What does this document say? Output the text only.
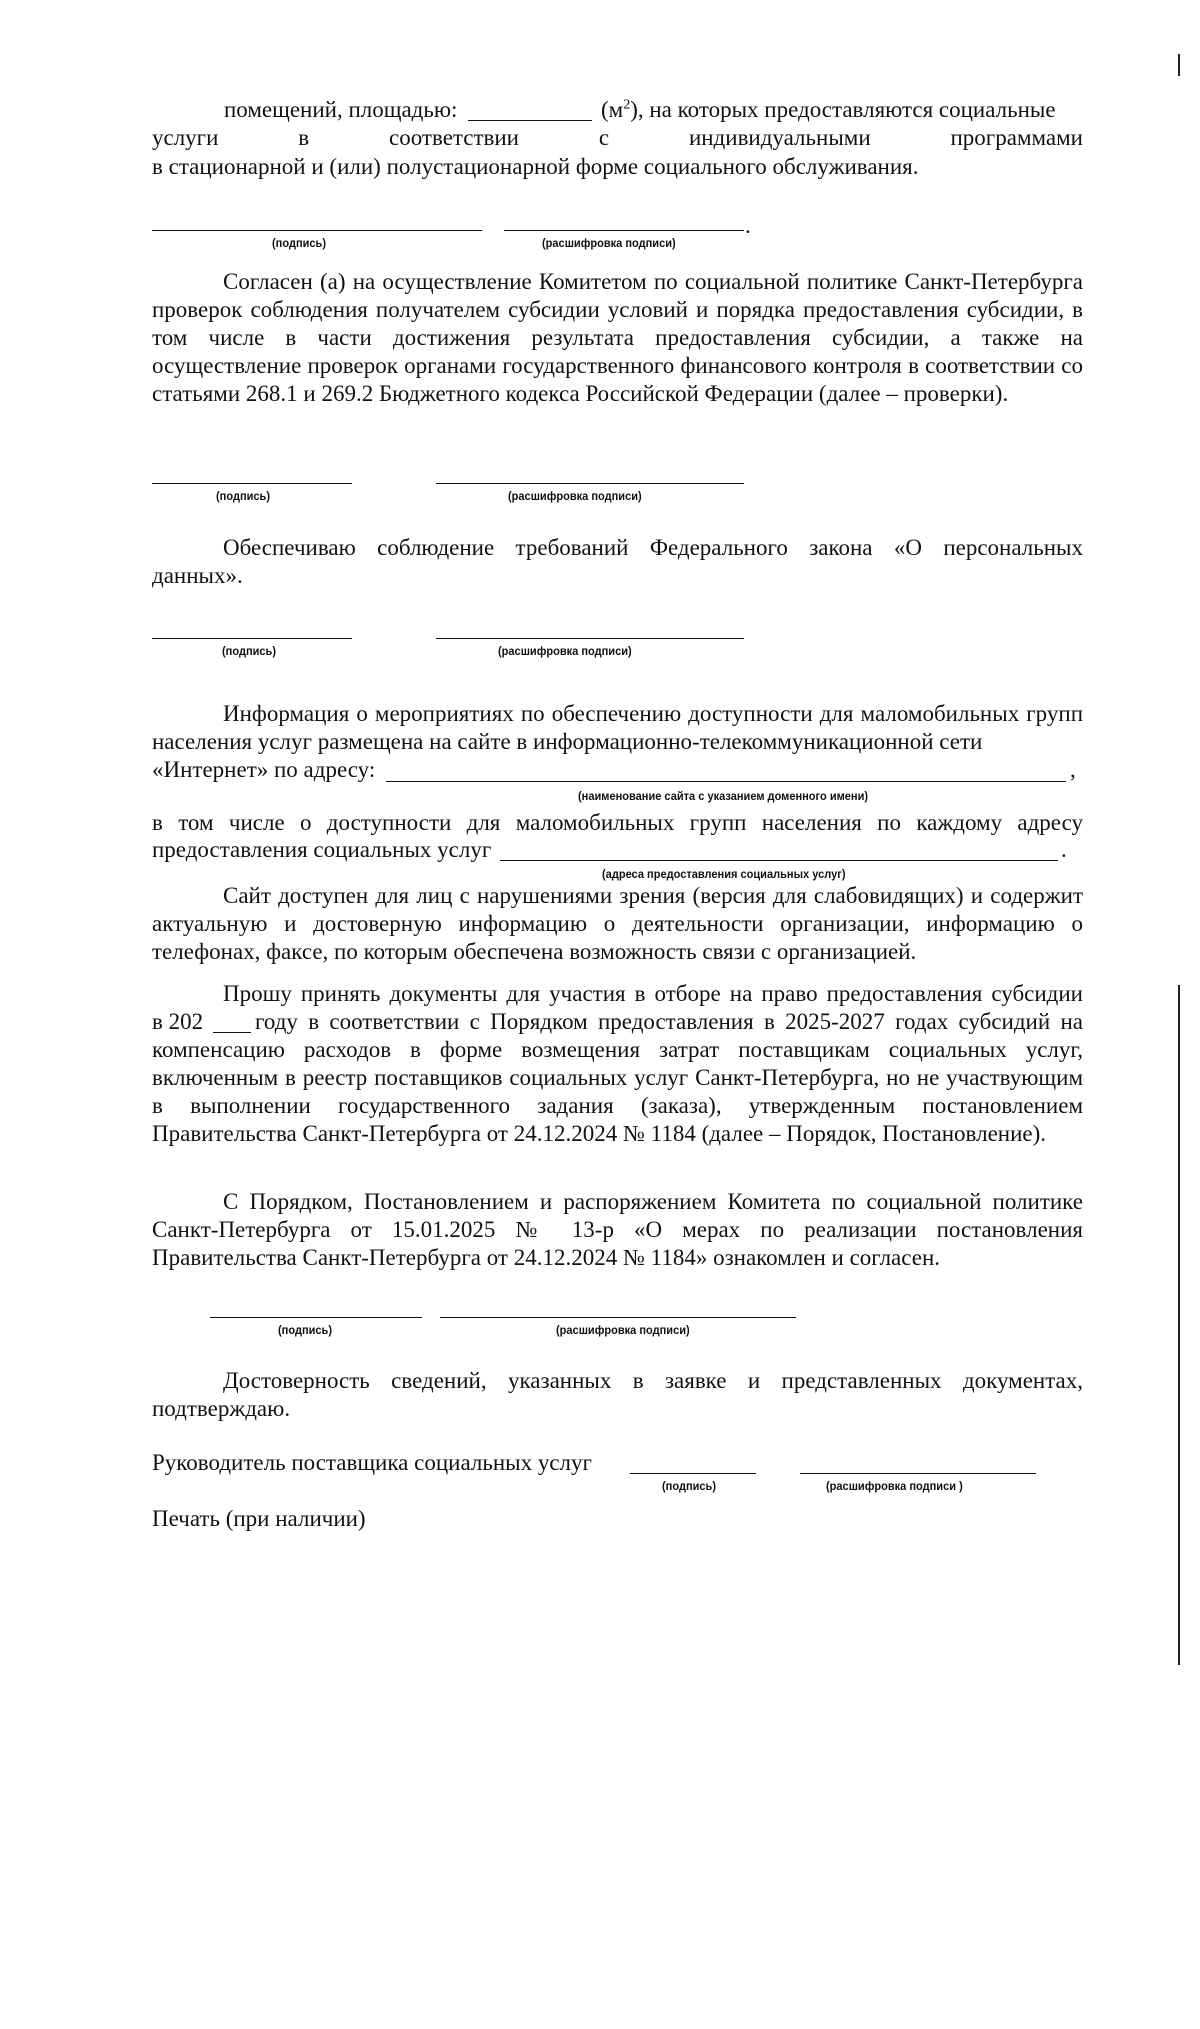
помещений, площадью:	$(м^2)$, на которых предоставляются социальные
услуги	в	соответствии	с	индивидуальными	программами
в стационарной и (или) полустационарной форме социального обслуживания.
.
(подпись)	(расшифровка подписи)

Согласен (а) на осуществление Комитетом по социальной политике Санкт-Петербурга проверок соблюдения получателем субсидии условий и порядка предоставления субсидии, в том числе в части достижения результата предоставления субсидии, а также на осуществление проверок органами государственного финансового контроля в соответствии со статьями 268.1 и 269.2 Бюджетного кодекса Российской Федерации (далее – проверки).

(подпись)	(расшифровка подписи)

Обеспечиваю соблюдение требований Федерального закона «О персональных данных».

(подпись)	(расшифровка подписи)

Информация о мероприятиях по обеспечению доступности для маломобильных групп населения услуг размещена на сайте в информационно-телекоммуникационной сети

«Интернет» по адресу:	,
(наименование сайта с указанием доменного имени)

в том числе о доступности для маломобильных групп населения по каждому адресу

предоставления социальных услуг	.
(адреса предоставления социальных услуг)

Сайт доступен для лиц с нарушениями зрения (версия для слабовидящих) и содержит актуальную и достоверную информацию о деятельности организации, информацию о телефонах, факсе, по которым обеспечена возможность связи с организацией.

Прошу принять документы для участия в отборе на право предоставления субсидии

в 202	году в соответствии с Порядком предоставления в 2025-2027 годах субсидий на компенсацию расходов в форме возмещения затрат поставщикам социальных услуг, включенным в реестр поставщиков социальных услуг Санкт-Петербурга, но не участвующим в выполнении государственного задания (заказа), утвержденным постановлением Правительства Санкт-Петербурга от 24.12.2024 № 1184 (далее – Порядок, Постановление).

С Порядком, Постановлением и распоряжением Комитета по социальной политике Санкт-Петербурга от 15.01.2025 № 13-р «О мерах по реализации постановления Правительства Санкт-Петербурга от 24.12.2024 № 1184» ознакомлен и согласен.

(подпись)	(расшифровка подписи)

Достоверность сведений, указанных в заявке и представленных документах, подтверждаю.

Руководитель поставщика социальных услуг
(подпись)	(расшифровка подписи )
Печать (при наличии)
